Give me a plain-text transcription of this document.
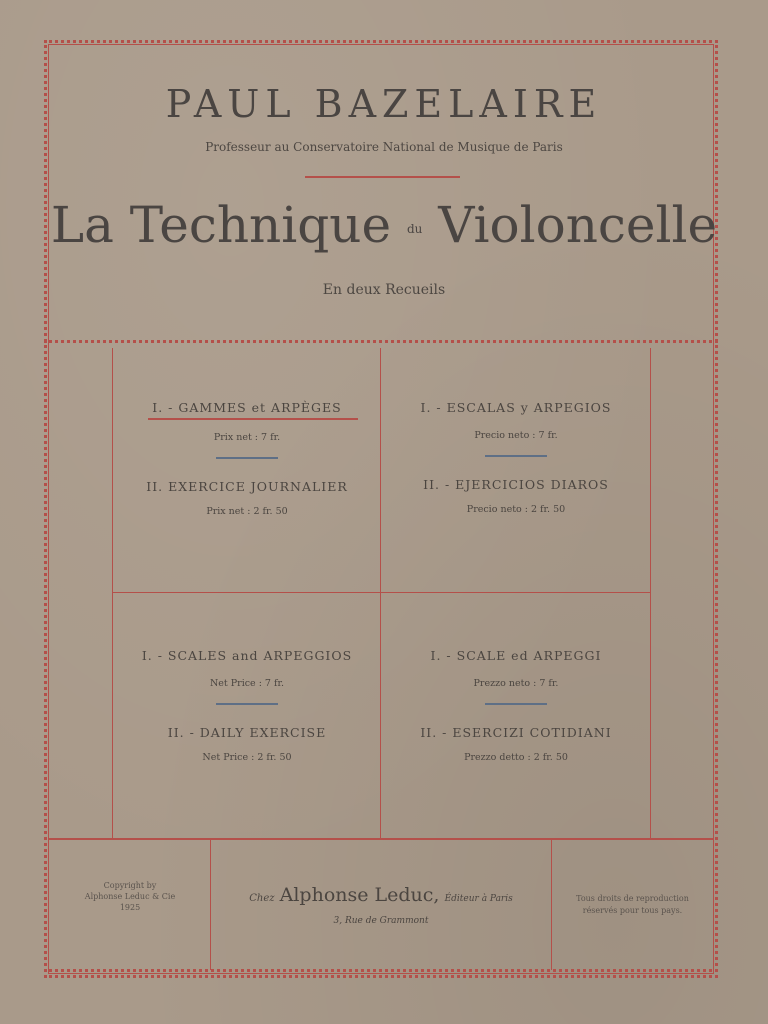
PAUL BAZELAIRE
Professeur au Conservatoire National de Musique de Paris
La Technique du Violoncelle
En deux Recueils
I. - GAMMES et ARPÈGES
Prix net : 7 fr.
II. EXERCICE JOURNALIER
Prix net : 2 fr. 50
I. - ESCALAS y ARPEGIOS
Precio neto : 7 fr.
II. - EJERCICIOS DIAROS
Precio neto : 2 fr. 50
I. - SCALES and ARPEGGIOS
Net Price : 7 fr.
II. - DAILY EXERCISE
Net Price : 2 fr. 50
I. - SCALE ed ARPEGGI
Prezzo neto : 7 fr.
II. - ESERCIZI COTIDIANI
Prezzo detto : 2 fr. 50
Copyright by
Alphonse Leduc & Cie
1925
Chez Alphonse Leduc, Éditeur à Paris
3, Rue de Grammont
Tous droits de reproduction
réservés pour tous pays.
